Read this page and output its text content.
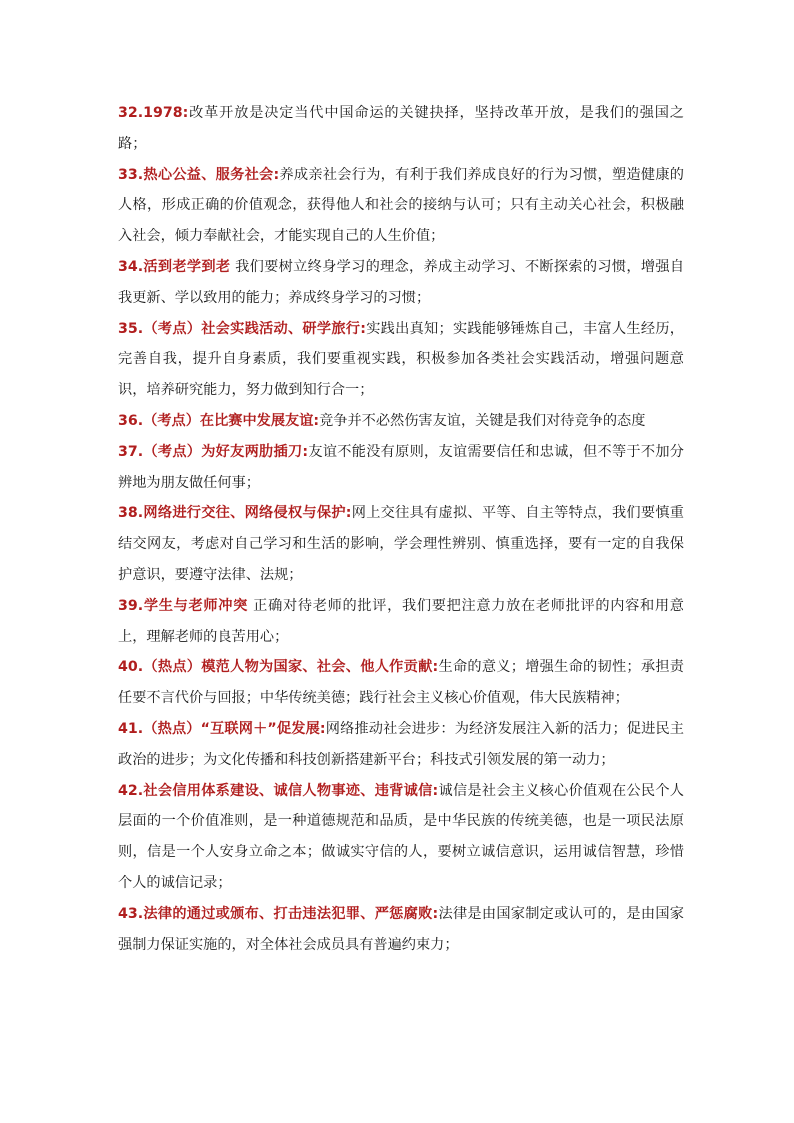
32.1978:改革开放是决定当代中国命运的关键抉择，坚持改革开放，是我们的强国之路；

33.热心公益、服务社会:养成亲社会行为，有利于我们养成良好的行为习惯，塑造健康的人格，形成正确的价值观念，获得他人和社会的接纳与认可；只有主动关心社会，积极融入社会，倾力奉献社会，才能实现自己的人生价值；

34.活到老学到老 我们要树立终身学习的理念，养成主动学习、不断探索的习惯，增强自我更新、学以致用的能力；养成终身学习的习惯；

35.（考点）社会实践活动、研学旅行:实践出真知；实践能够锤炼自己，丰富人生经历，完善自我，提升自身素质，我们要重视实践，积极参加各类社会实践活动，增强问题意识，培养研究能力，努力做到知行合一；

36.（考点）在比赛中发展友谊:竞争并不必然伤害友谊，关键是我们对待竞争的态度

37.（考点）为好友两肋插刀:友谊不能没有原则，友谊需要信任和忠诚，但不等于不加分辨地为朋友做任何事；

38.网络进行交往、网络侵权与保护:网上交往具有虚拟、平等、自主等特点，我们要慎重结交网友，考虑对自己学习和生活的影响，学会理性辨别、慎重选择，要有一定的自我保护意识，要遵守法律、法规；

39.学生与老师冲突 正确对待老师的批评，我们要把注意力放在老师批评的内容和用意上，理解老师的良苦用心；

40.（热点）模范人物为国家、社会、他人作贡献:生命的意义；增强生命的韧性；承担责任要不言代价与回报；中华传统美德；践行社会主义核心价值观，伟大民族精神；

41.（热点）“互联网＋”促发展:网络推动社会进步：为经济发展注入新的活力；促进民主政治的进步；为文化传播和科技创新搭建新平台；科技式引领发展的第一动力；

42.社会信用体系建设、诚信人物事迹、违背诚信:诚信是社会主义核心价值观在公民个人层面的一个价值准则，是一种道德规范和品质，是中华民族的传统美德，也是一项民法原则，信是一个人安身立命之本；做诚实守信的人，要树立诚信意识，运用诚信智慧，珍惜个人的诚信记录；

43.法律的通过或颁布、打击违法犯罪、严惩腐败:法律是由国家制定或认可的，是由国家强制力保证实施的，对全体社会成员具有普遍约束力；
